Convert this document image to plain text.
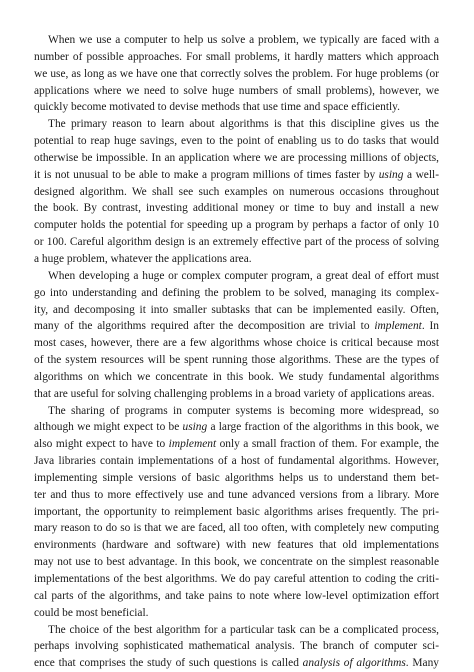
When we use a computer to help us solve a problem, we typically are faced with a
number of possible approaches. For small problems, it hardly matters which approach
we use, as long as we have one that correctly solves the problem. For huge problems (or
applications where we need to solve huge numbers of small problems), however, we
quickly become motivated to devise methods that use time and space efficiently.
The primary reason to learn about algorithms is that this discipline gives us the
potential to reap huge savings, even to the point of enabling us to do tasks that would
otherwise be impossible. In an application where we are processing millions of objects,
it is not unusual to be able to make a program millions of times faster by using a well-
designed algorithm. We shall see such examples on numerous occasions throughout
the book. By contrast, investing additional money or time to buy and install a new
computer holds the potential for speeding up a program by perhaps a factor of only 10
or 100. Careful algorithm design is an extremely effective part of the process of solving
a huge problem, whatever the applications area.
When developing a huge or complex computer program, a great deal of effort must
go into understanding and defining the problem to be solved, managing its complex-
ity, and decomposing it into smaller subtasks that can be implemented easily. Often,
many of the algorithms required after the decomposition are trivial to implement. In
most cases, however, there are a few algorithms whose choice is critical because most
of the system resources will be spent running those algorithms. These are the types of
algorithms on which we concentrate in this book. We study fundamental algorithms
that are useful for solving challenging problems in a broad variety of applications areas.
The sharing of programs in computer systems is becoming more widespread, so
although we might expect to be using a large fraction of the algorithms in this book, we
also might expect to have to implement only a small fraction of them. For example, the
Java libraries contain implementations of a host of fundamental algorithms. However,
implementing simple versions of basic algorithms helps us to understand them bet-
ter and thus to more effectively use and tune advanced versions from a library. More
important, the opportunity to reimplement basic algorithms arises frequently. The pri-
mary reason to do so is that we are faced, all too often, with completely new computing
environments (hardware and software) with new features that old implementations
may not use to best advantage. In this book, we concentrate on the simplest reasonable
implementations of the best algorithms. We do pay careful attention to coding the criti-
cal parts of the algorithms, and take pains to note where low-level optimization effort
could be most beneficial.
The choice of the best algorithm for a particular task can be a complicated process,
perhaps involving sophisticated mathematical analysis. The branch of computer sci-
ence that comprises the study of such questions is called analysis of algorithms. Many
